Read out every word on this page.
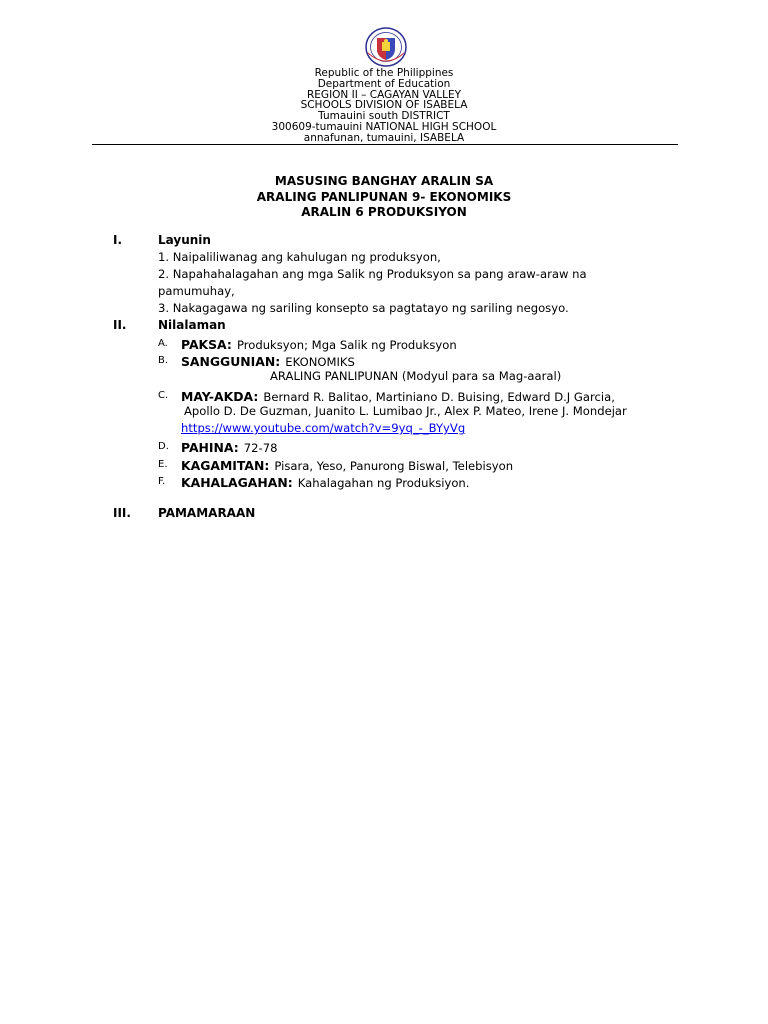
Republic of the Philippines
Department of Education
REGION II – CAGAYAN VALLEY
SCHOOLS DIVISION OF ISABELA
Tumauini south DISTRICT
300609-tumauini NATIONAL HIGH SCHOOL
annafunan, tumauini, ISABELA
MASUSING BANGHAY ARALIN SA
ARALING PANLIPUNAN 9- EKONOMIKS
ARALIN 6 PRODUKSIYON
I.	Layunin
1. Naipaliliwanag ang kahulugan ng produksyon,
2. Napahahalagahan ang mga Salik ng Produksyon sa pang araw-araw na
pamumuhay,
3. Nakagagawa ng sariling konsepto sa pagtatayo ng sariling negosyo.
II.	Nilalaman
A. PAKSA: Produksyon; Mga Salik ng Produksyon
B. SANGGUNIAN: EKONOMIKS
ARALING PANLIPUNAN (Modyul para sa Mag-aaral)
C. MAY-AKDA: Bernard R. Balitao, Martiniano D. Buising, Edward D.J Garcia,
Apollo D. De Guzman, Juanito L. Lumibao Jr., Alex P. Mateo, Irene J. Mondejar
https://www.youtube.com/watch?v=9yq_-_BYyVg
D. PAHINA: 72-78
E. KAGAMITAN: Pisara, Yeso, Panurong Biswal, Telebisyon
F. KAHALAGAHAN: Kahalagahan ng Produksiyon.
III. PAMAMARAAN
